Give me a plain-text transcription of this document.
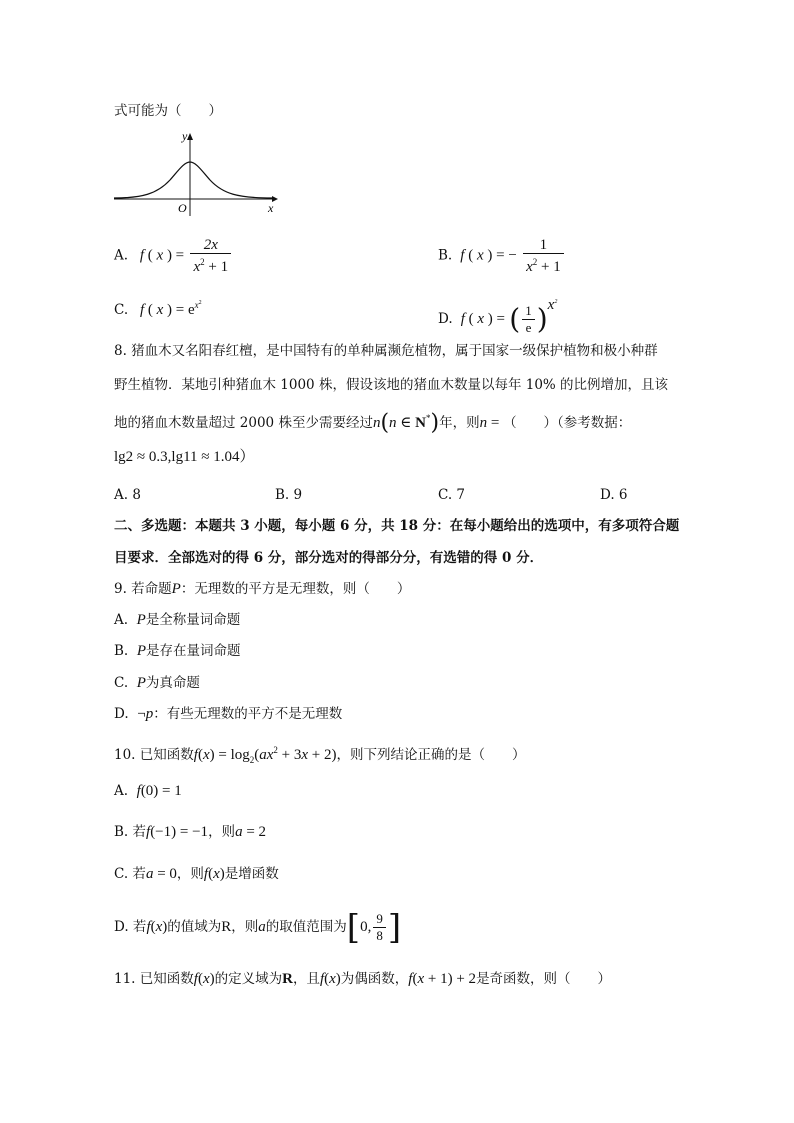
式可能为（　　）
y
x
O
A. f ( x ) = $\frac{2x}{x^2 + 1}$	B. f ( x ) = − $\frac{1}{x^2 + 1}$
C. f ( x ) = $e^{x^2}$
D. f ( x ) = ( $\frac{1}{e} )^{x^2}$
8. 猪血木又名阳春红檀，是中国特有的单种属濒危植物，属于国家一级保护植物和极小种群
野生植物．某地引种猪血木 1000 株，假设该地的猪血木数量以每年 10% 的比例增加，且该
地的猪血木数量超过 2000 株至少需要经过n(n ∈ N*)年，则n = （　　）（参考数据：
lg2 ≈ 0.3,lg11 ≈ 1.04）
A. 8	B. 9	C. 7	D. 6
二、多选题：本题共 3 小题，每小题 6 分，共 18 分：在每小题给出的选项中，有多项符合题
目要求．全部选对的得 6 分，部分选对的得部分分，有选错的得 0 分．
9. 若命题P：无理数的平方是无理数，则（　　）
A. P是全称量词命题
B. P是存在量词命题
C. P为真命题
D. ¬p：有些无理数的平方不是无理数
10. 已知函数$f(x) = \log_2(ax^2 + 3x + 2)$，则下列结论正确的是（　　）
A. f(0) = 1
B. 若f(−1) = −1，则a = 2
C. 若a = 0，则f(x)是增函数
D. 若f(x)的值域为R，则a的取值范围为[0, $\frac{9}{8}$ ]
11. 已知函数f(x)的定义域为R，且f(x)为偶函数，f(x + 1) + 2是奇函数，则（　　）
